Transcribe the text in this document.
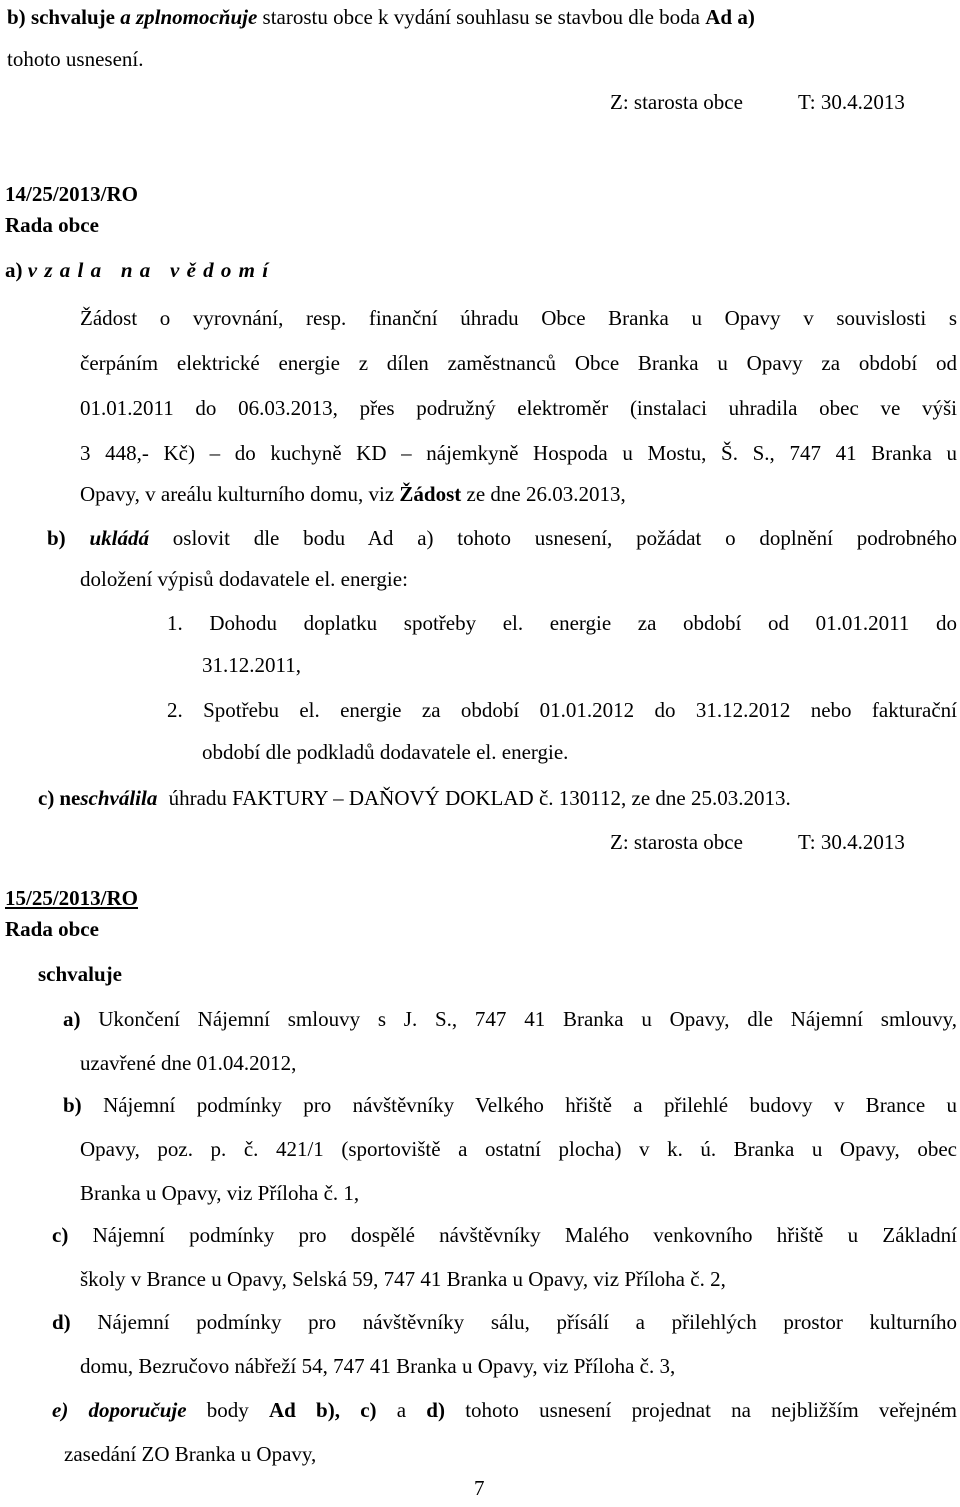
b) schvaluje a zplnomocňuje starostu obce k vydání souhlasu se stavbou dle boda Ad a)
tohoto usnesení.
Z: starosta obce	T: 30.4.2013
14/25/2013/RO
Rada obce
a) v z a l a   n a   v ě d o m í
Žádost o vyrovnání, resp. finanční úhradu Obce Branka u Opavy v souvislosti s
čerpáním elektrické energie z dílen zaměstnanců Obce Branka u Opavy za období od
01.01.2011 do 06.03.2013, přes podružný elektroměr (instalaci uhradila obec ve výši
3 448,- Kč) – do kuchyně KD – nájemkyně Hospoda u Mostu, Š. S., 747 41 Branka u
Opavy, v areálu kulturního domu, viz Žádost ze dne 26.03.2013,
b) ukládá oslovit dle bodu Ad a) tohoto usnesení, požádat o doplnění podrobného
doložení výpisů dodavatele el. energie:
1. Dohodu doplatku spotřeby el. energie za období od 01.01.2011 do
31.12.2011,
2. Spotřebu el. energie za období 01.01.2012 do 31.12.2012 nebo fakturační
období dle podkladů dodavatele el. energie.
c) neschválila úhradu FAKTURY – DAŇOVÝ DOKLAD č. 130112, ze dne 25.03.2013.
Z: starosta obce	T: 30.4.2013
15/25/2013/RO
Rada obce
schvaluje
a) Ukončení Nájemní smlouvy s J. S., 747 41 Branka u Opavy, dle Nájemní smlouvy,
uzavřené dne 01.04.2012,
b) Nájemní podmínky pro návštěvníky Velkého hřiště a přilehlé budovy v Brance u
Opavy, poz. p. č. 421/1 (sportoviště a ostatní plocha) v k. ú. Branka u Opavy, obec
Branka u Opavy, viz Příloha č. 1,
c) Nájemní podmínky pro dospělé návštěvníky Malého venkovního hřiště u Základní
školy v Brance u Opavy, Selská 59, 747 41 Branka u Opavy, viz Příloha č. 2,
d) Nájemní podmínky pro návštěvníky sálu, přísálí a přilehlých prostor kulturního
domu, Bezručovo nábřeží 54, 747 41 Branka u Opavy, viz Příloha č. 3,
e) doporučuje body Ad b), c) a d) tohoto usnesení projednat na nejbližším veřejném
zasedání ZO Branka u Opavy,
7
